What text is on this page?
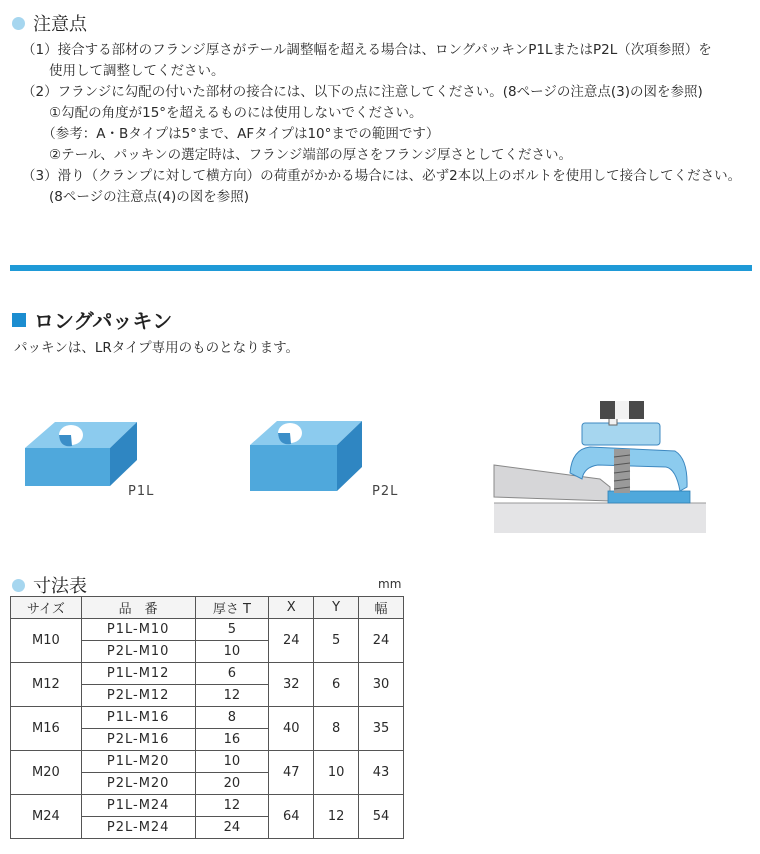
注意点
（1）接合する部材のフランジ厚さがテール調整幅を超える場合は、ロングパッキンP1LまたはP2L（次項参照）を
　　使用して調整してください。
（2）フランジに勾配の付いた部材の接合には、以下の点に注意してください。(8ページの注意点(3)の図を参照)
　　①勾配の角度が15°を超えるものには使用しないでください。
　　（参考：A・Bタイプは5°まで、AFタイプは10°までの範囲です）
　　②テール、パッキンの選定時は、フランジ端部の厚さをフランジ厚さとしてください。
（3）滑り（クランプに対して横方向）の荷重がかかる場合には、必ず2本以上のボルトを使用して接合してください。
　　(8ページの注意点(4)の図を参照)
ロングパッキン
パッキンは、LRタイプ専用のものとなります。
P1L	P2L
寸法表	mm
サイズ	品　番	厚さ T	X	Y	幅
M10	P1L-M10	5	24	5	24
	P2L-M10	10			
M12	P1L-M12	6	32	6	30
	P2L-M12	12			
M16	P1L-M16	8	40	8	35
	P2L-M16	16			
M20	P1L-M20	10	47	10	43
	P2L-M20	20			
M24	P1L-M24	12	64	12	54
	P2L-M24	24			
